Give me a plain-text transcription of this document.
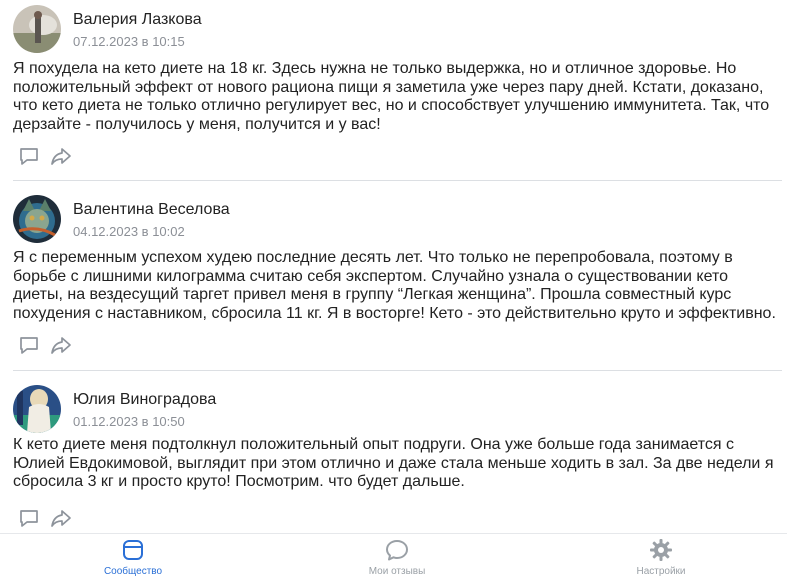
Валерия Лазкова
07.12.2023 в 10:15
Я похудела на кето диете на 18 кг. Здесь нужна не только выдержка, но и отличное здоровье. Но положительный эффект от нового рациона пищи я заметила уже через пару дней. Кстати, доказано, что кето диета не только отлично регулирует вес, но и способствует улучшению иммунитета. Так, что дерзайте - получилось у меня, получится и у вас!
Валентина Веселова
04.12.2023 в 10:02
Я с переменным успехом худею последние десять лет. Что только не перепробовала, поэтому в борьбе с лишними килограмма считаю себя экспертом. Случайно узнала о существовании кето диеты, на вездесущий таргет привел меня в группу “Легкая женщина”. Прошла совместный курс похудения с наставником, сбросила 11 кг. Я в восторге! Кето - это действительно круто и эффективно.
Юлия Виноградова
01.12.2023 в 10:50
К кето диете меня подтолкнул положительный опыт подруги. Она уже больше года занимается с Юлией Евдокимовой, выглядит при этом отлично и даже стала меньше ходить в зал. За две недели я сбросила 3 кг и просто круто! Посмотрим. что будет дальше.
Сообщество	Мои отзывы	Настройки
